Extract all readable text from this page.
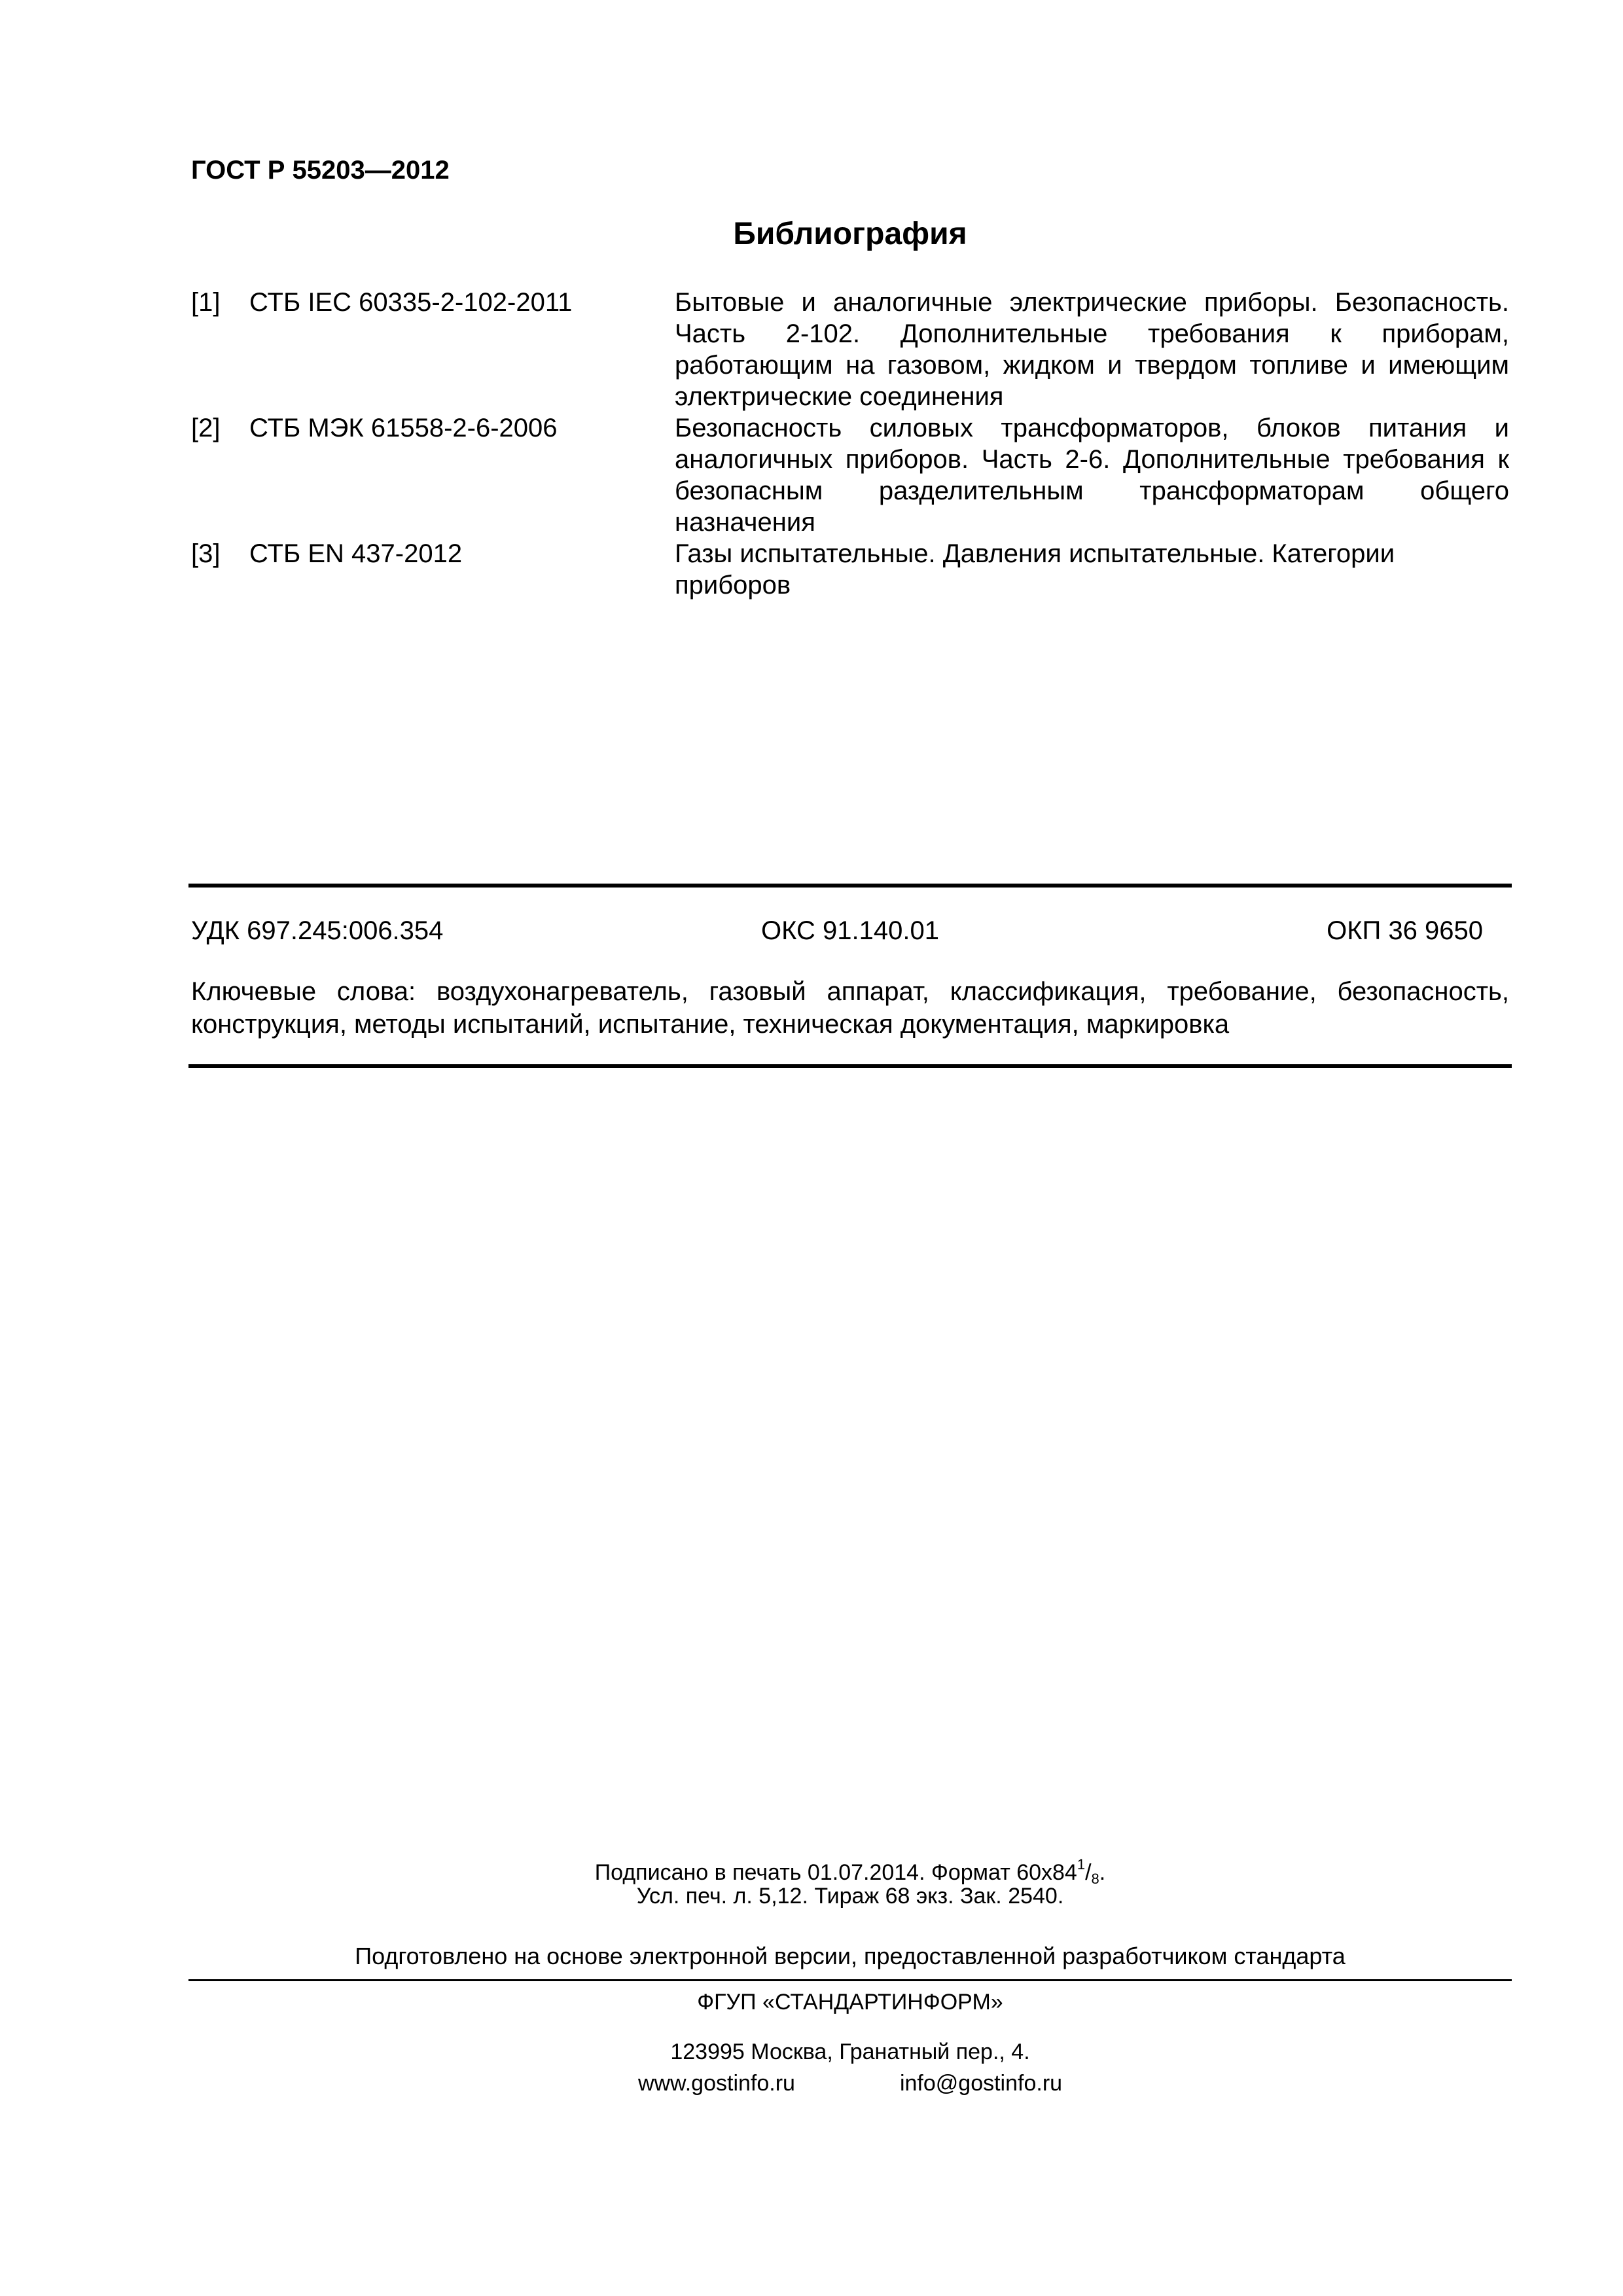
ГОСТ Р 55203—2012
Библиография
[1]	СТБ IEC 60335-2-102-2011	Бытовые и аналогичные электрические приборы. Безопасность. Часть 2-102. Дополнительные требования к приборам, работающим на газовом, жидком и твердом топливе и имеющим электрические соединения
[2]	СТБ МЭК 61558-2-6-2006	Безопасность силовых трансформаторов, блоков питания и аналогичных приборов. Часть 2-6. Дополнительные требования к безопасным разделительным трансформаторам общего назначения
[3]	СТБ EN 437-2012	Газы испытательные. Давления испытательные. Категории приборов
УДК 697.245:006.354	ОКС 91.140.01	ОКП 36 9650

Ключевые слова: воздухонагреватель, газовый аппарат, классификация, требование, безопасность, конструкция, методы испытаний, испытание, техническая документация, маркировка

Подписано в печать 01.07.2014. Формат $60х84^1/_8$.

Усл. печ. л. 5,12. Тираж 68 экз. Зак. 2540.

Подготовлено на основе электронной версии, предоставленной разработчиком стандарта

ФГУП «СТАНДАРТИНФОРМ»

123995 Москва, Гранатный пер., 4.

www.gostinfo.ru	info@gostinfo.ru
